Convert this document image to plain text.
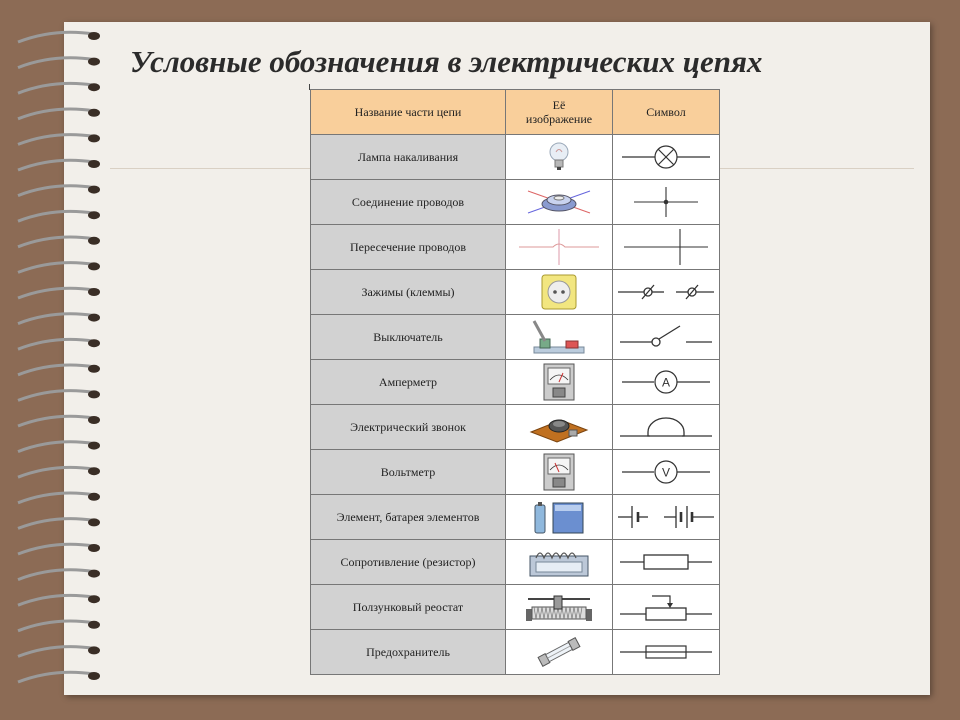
Условные обозначения в электрических цепях
Название части цепи	Её изображение	Символ
Лампа накаливания	

Соединение проводов	

Пересечение проводов	

Зажимы (клеммы)	

Выключатель	

Амперметр		A

Электрический звонок	

Вольтметр		V

Элемент, батарея элементов	

Сопротивление (резистор)	

Ползунковый реостат	

Предохранитель	
